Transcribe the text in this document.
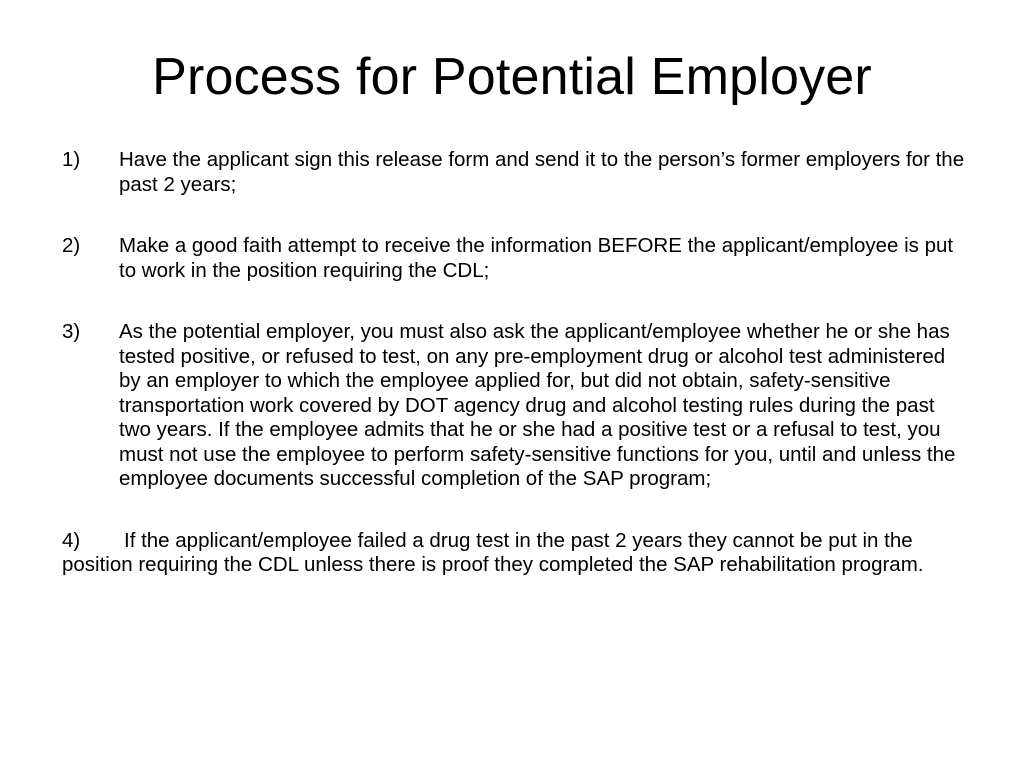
Process for Potential Employer
1)	Have the applicant sign this release form and send it to the person’s former employers for the past 2 years;
2)	Make a good faith attempt to receive the information BEFORE the applicant/employee is put to work in the position requiring the CDL;
3)	As the potential employer, you must also ask the applicant/employee whether he or she has tested positive, or refused to test, on any pre-employment drug or alcohol test administered by an employer to which the employee applied for, but did not obtain, safety-sensitive transportation work covered by DOT agency drug and alcohol testing rules during the past two years. If the employee admits that he or she had a positive test or a refusal to test, you must not use the employee to perform safety-sensitive functions for you, until and unless the employee documents successful completion of the SAP program;
4) If the applicant/employee failed a drug test in the past 2 years they cannot be put in the position requiring the CDL unless there is proof they completed the SAP rehabilitation program.
